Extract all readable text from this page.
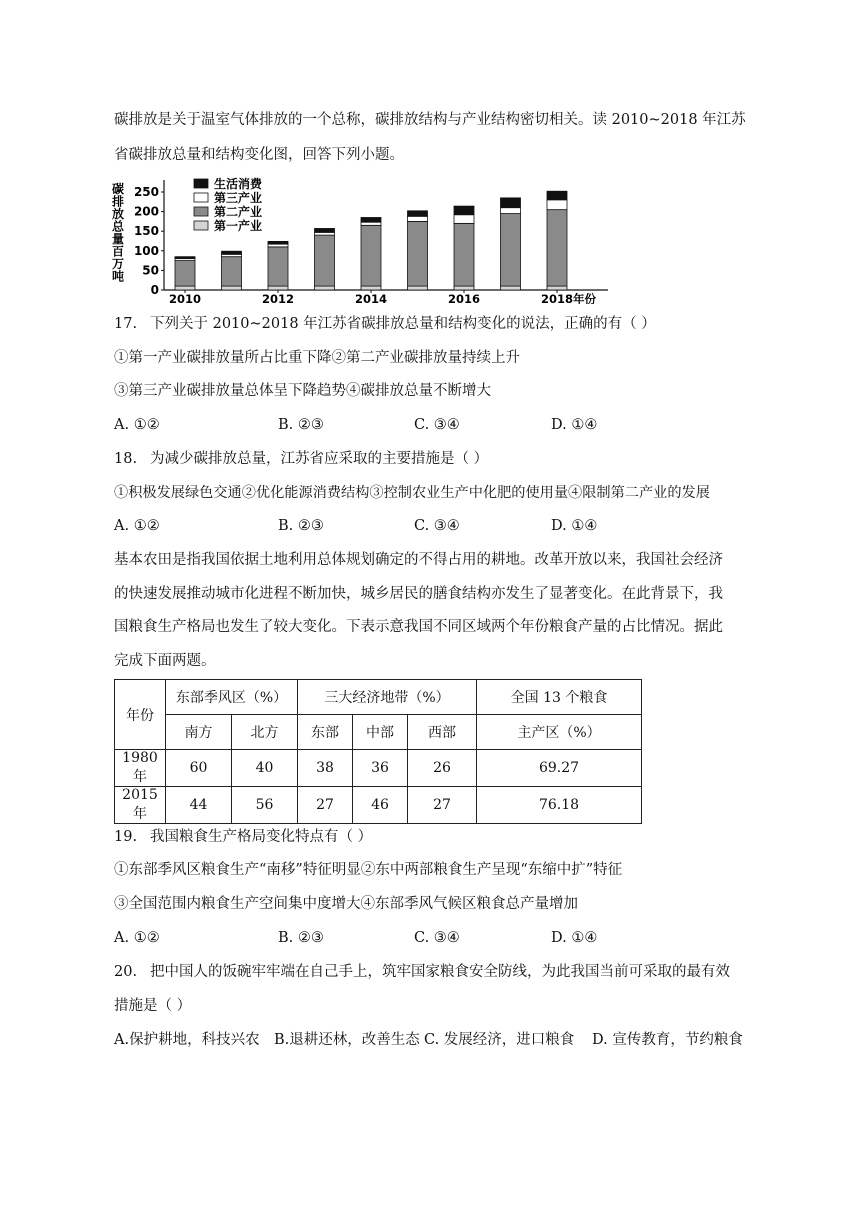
碳排放是关于温室气体排放的一个总称，碳排放结构与产业结构密切相关。读 2010~2018 年江苏
省碳排放总量和结构变化图，回答下列小题。
碳
排
放
总
量
百
万
吨
0
50
100
150
200
250
2010	2012	2014	2016	2018年份
生活消费
第三产业
第二产业
第一产业
17. 下列关于 2010~2018 年江苏省碳排放总量和结构变化的说法，正确的有（ ）
①第一产业碳排放量所占比重下降②第二产业碳排放量持续上升
③第三产业碳排放量总体呈下降趋势④碳排放总量不断增大
A. ①②	B. ②③	C. ③④	D. ①④
18. 为减少碳排放总量，江苏省应采取的主要措施是（ ）
①积极发展绿色交通②优化能源消费结构③控制农业生产中化肥的使用量④限制第二产业的发展
A. ①②	B. ②③	C. ③④	D. ①④
基本农田是指我国依据土地利用总体规划确定的不得占用的耕地。改革开放以来，我国社会经济
的快速发展推动城市化进程不断加快，城乡居民的膳食结构亦发生了显著变化。在此背景下，我
国粮食生产格局也发生了较大变化。下表示意我国不同区域两个年份粮食产量的占比情况。据此
完成下面两题。
年份	东部季风区（%）		三大经济地带（%）			全国 13 个粮食
	南方	北方	东部	中部	西部	主产区（%）
1980 年	60	40	38	36	26	69.27
2015 年	44	56	27	46	27	76.18
19. 我国粮食生产格局变化特点有（ ）
①东部季风区粮食生产“南移”特征明显②东中两部粮食生产呈现“东缩中扩”特征
③全国范围内粮食生产空间集中度增大④东部季风气候区粮食总产量增加
A. ①②	B. ②③	C. ③④	D. ①④
20. 把中国人的饭碗牢牢端在自己手上，筑牢国家粮食安全防线，为此我国当前可采取的最有效
措施是（ ）
A.保护耕地，科技兴农 B.退耕还林，改善生态 C. 发展经济，进口粮食 D. 宣传教育，节约粮食
